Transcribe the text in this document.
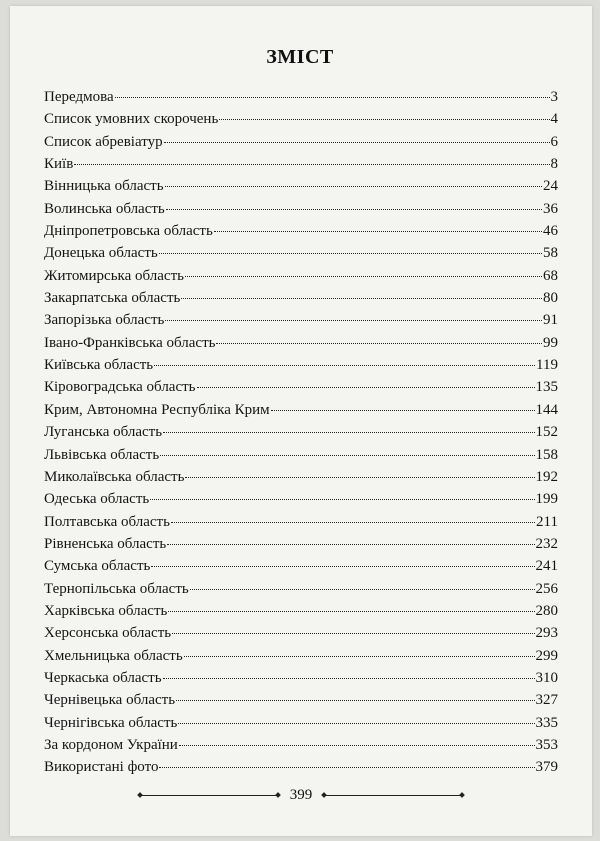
ЗМІСТ
Передмова	3
Список умовних скорочень	4
Список абревіатур	6
Київ	8
Вінницька область	24
Волинська область	36
Дніпропетровська область	46
Донецька область	58
Житомирська область	68
Закарпатська область	80
Запорізька область	91
Івано-Франківська область	99
Київська область	119
Кіровоградська область	135
Крим, Автономна Республіка Крим	144
Луганська область	152
Львівська область	158
Миколаївська область	192
Одеська область	199
Полтавська область	211
Рівненська область	232
Сумська область	241
Тернопільська область	256
Харківська область	280
Херсонська область	293
Хмельницька область	299
Черкаська область	310
Чернівецька область	327
Чернігівська область	335
За кордоном України	353
Використані фото	379
399
